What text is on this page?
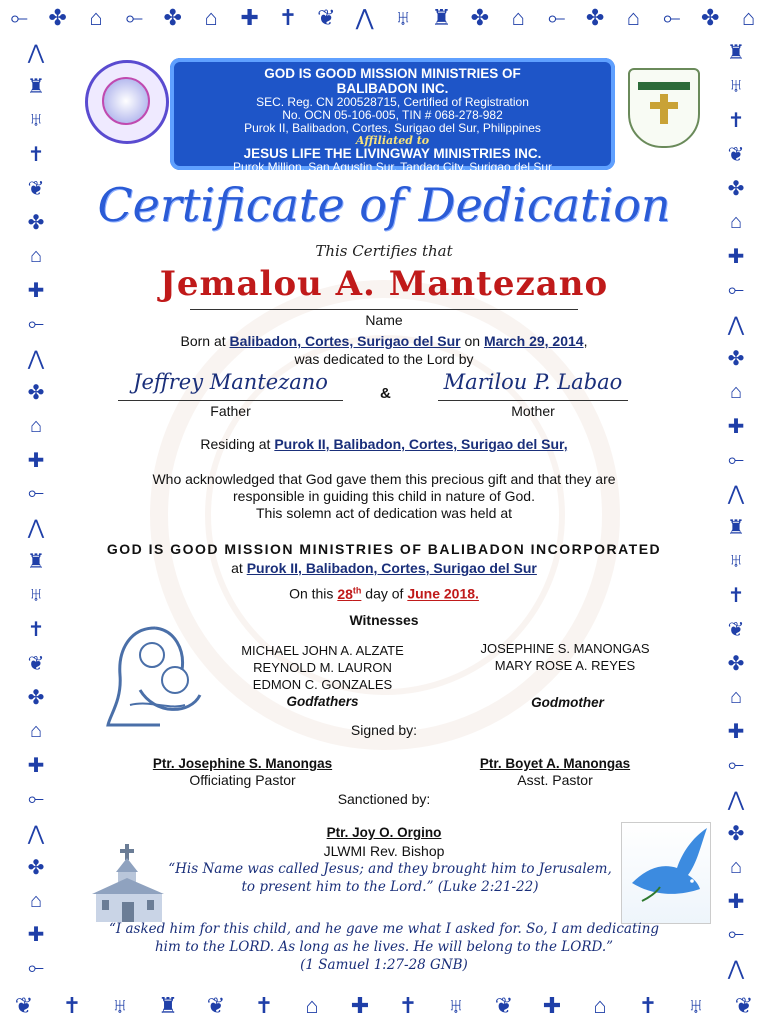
⟜ ✤	⌂	⟜ ✤	⌂	✚ ✝ ❦ ⋀ ♅ ♜ ✤	⌂	⟜ ✤	⌂	⟜ ✤	⌂
❦ ✝ ♅ ♜ ❦ ✝	⌂	✚ ✝ ♅ ❦ ✚	⌂	✝ ♅ ❦
⋀
♜
♅
✝
❦
✤
⌂
✚
⟜
⋀
✤
⌂
✚
⟜
⋀
♜
♅
✝
❦
✤
⌂
✚
⟜
⋀
✤
⌂
✚
⟜
♜
♅
✝
❦
✤
⌂
✚
⟜
⋀
✤
⌂
✚
⟜
⋀
♜
♅
✝
❦
✤
⌂
✚
⟜
⋀
✤
⌂
✚
⟜
⋀
GOD IS GOOD MISSION MINISTRIES OF
BALIBADON INC.
SEC. Reg. CN 200528715, Certified of Registration
No. OCN 05-106-005, TIN # 068-278-982
Purok II, Balibadon, Cortes, Surigao del Sur, Philippines
Affiliated to
JESUS LIFE THE LIVINGWAY MINISTRIES INC.
Purok Million, San Agustin Sur, Tandag City, Surigao del Sur
Certificate of Dedication
This Certifies that
Jemalou A. Mantezano
Name
Born at Balibadon, Cortes, Surigao del Sur on March 29, 2014,
was dedicated to the Lord by
Jeffrey Mantezano	&	Marilou P. Labao
Father	Mother
Residing at Purok II, Balibadon, Cortes, Surigao del Sur,
Who acknowledged that God gave them this precious gift and that they are
responsible in guiding this child in nature of God.
This solemn act of dedication was held at
GOD IS GOOD MISSION MINISTRIES OF BALIBADON INCORPORATED
at Purok II, Balibadon, Cortes, Surigao del Sur
On this 28th day of June 2018.
Witnesses
MICHAEL JOHN A. ALZATE
REYNOLD M. LAURON
EDMON C. GONZALES
Godfathers
JOSEPHINE S. MANONGAS
MARY ROSE A. REYES
Godmother
Signed by:
Ptr. Josephine S. Manongas
Officiating Pastor
Ptr. Boyet A. Manongas
Asst. Pastor
Sanctioned by:
Ptr. Joy O. Orgino
JLWMI Rev. Bishop
“His Name was called Jesus; and they brought him to Jerusalem,
to present him to the Lord.” (Luke 2:21-22)
“I asked him for this child, and he gave me what I asked for. So, I am dedicating
him to the LORD. As long as he lives. He will belong to the LORD.”
(1 Samuel 1:27-28 GNB)
